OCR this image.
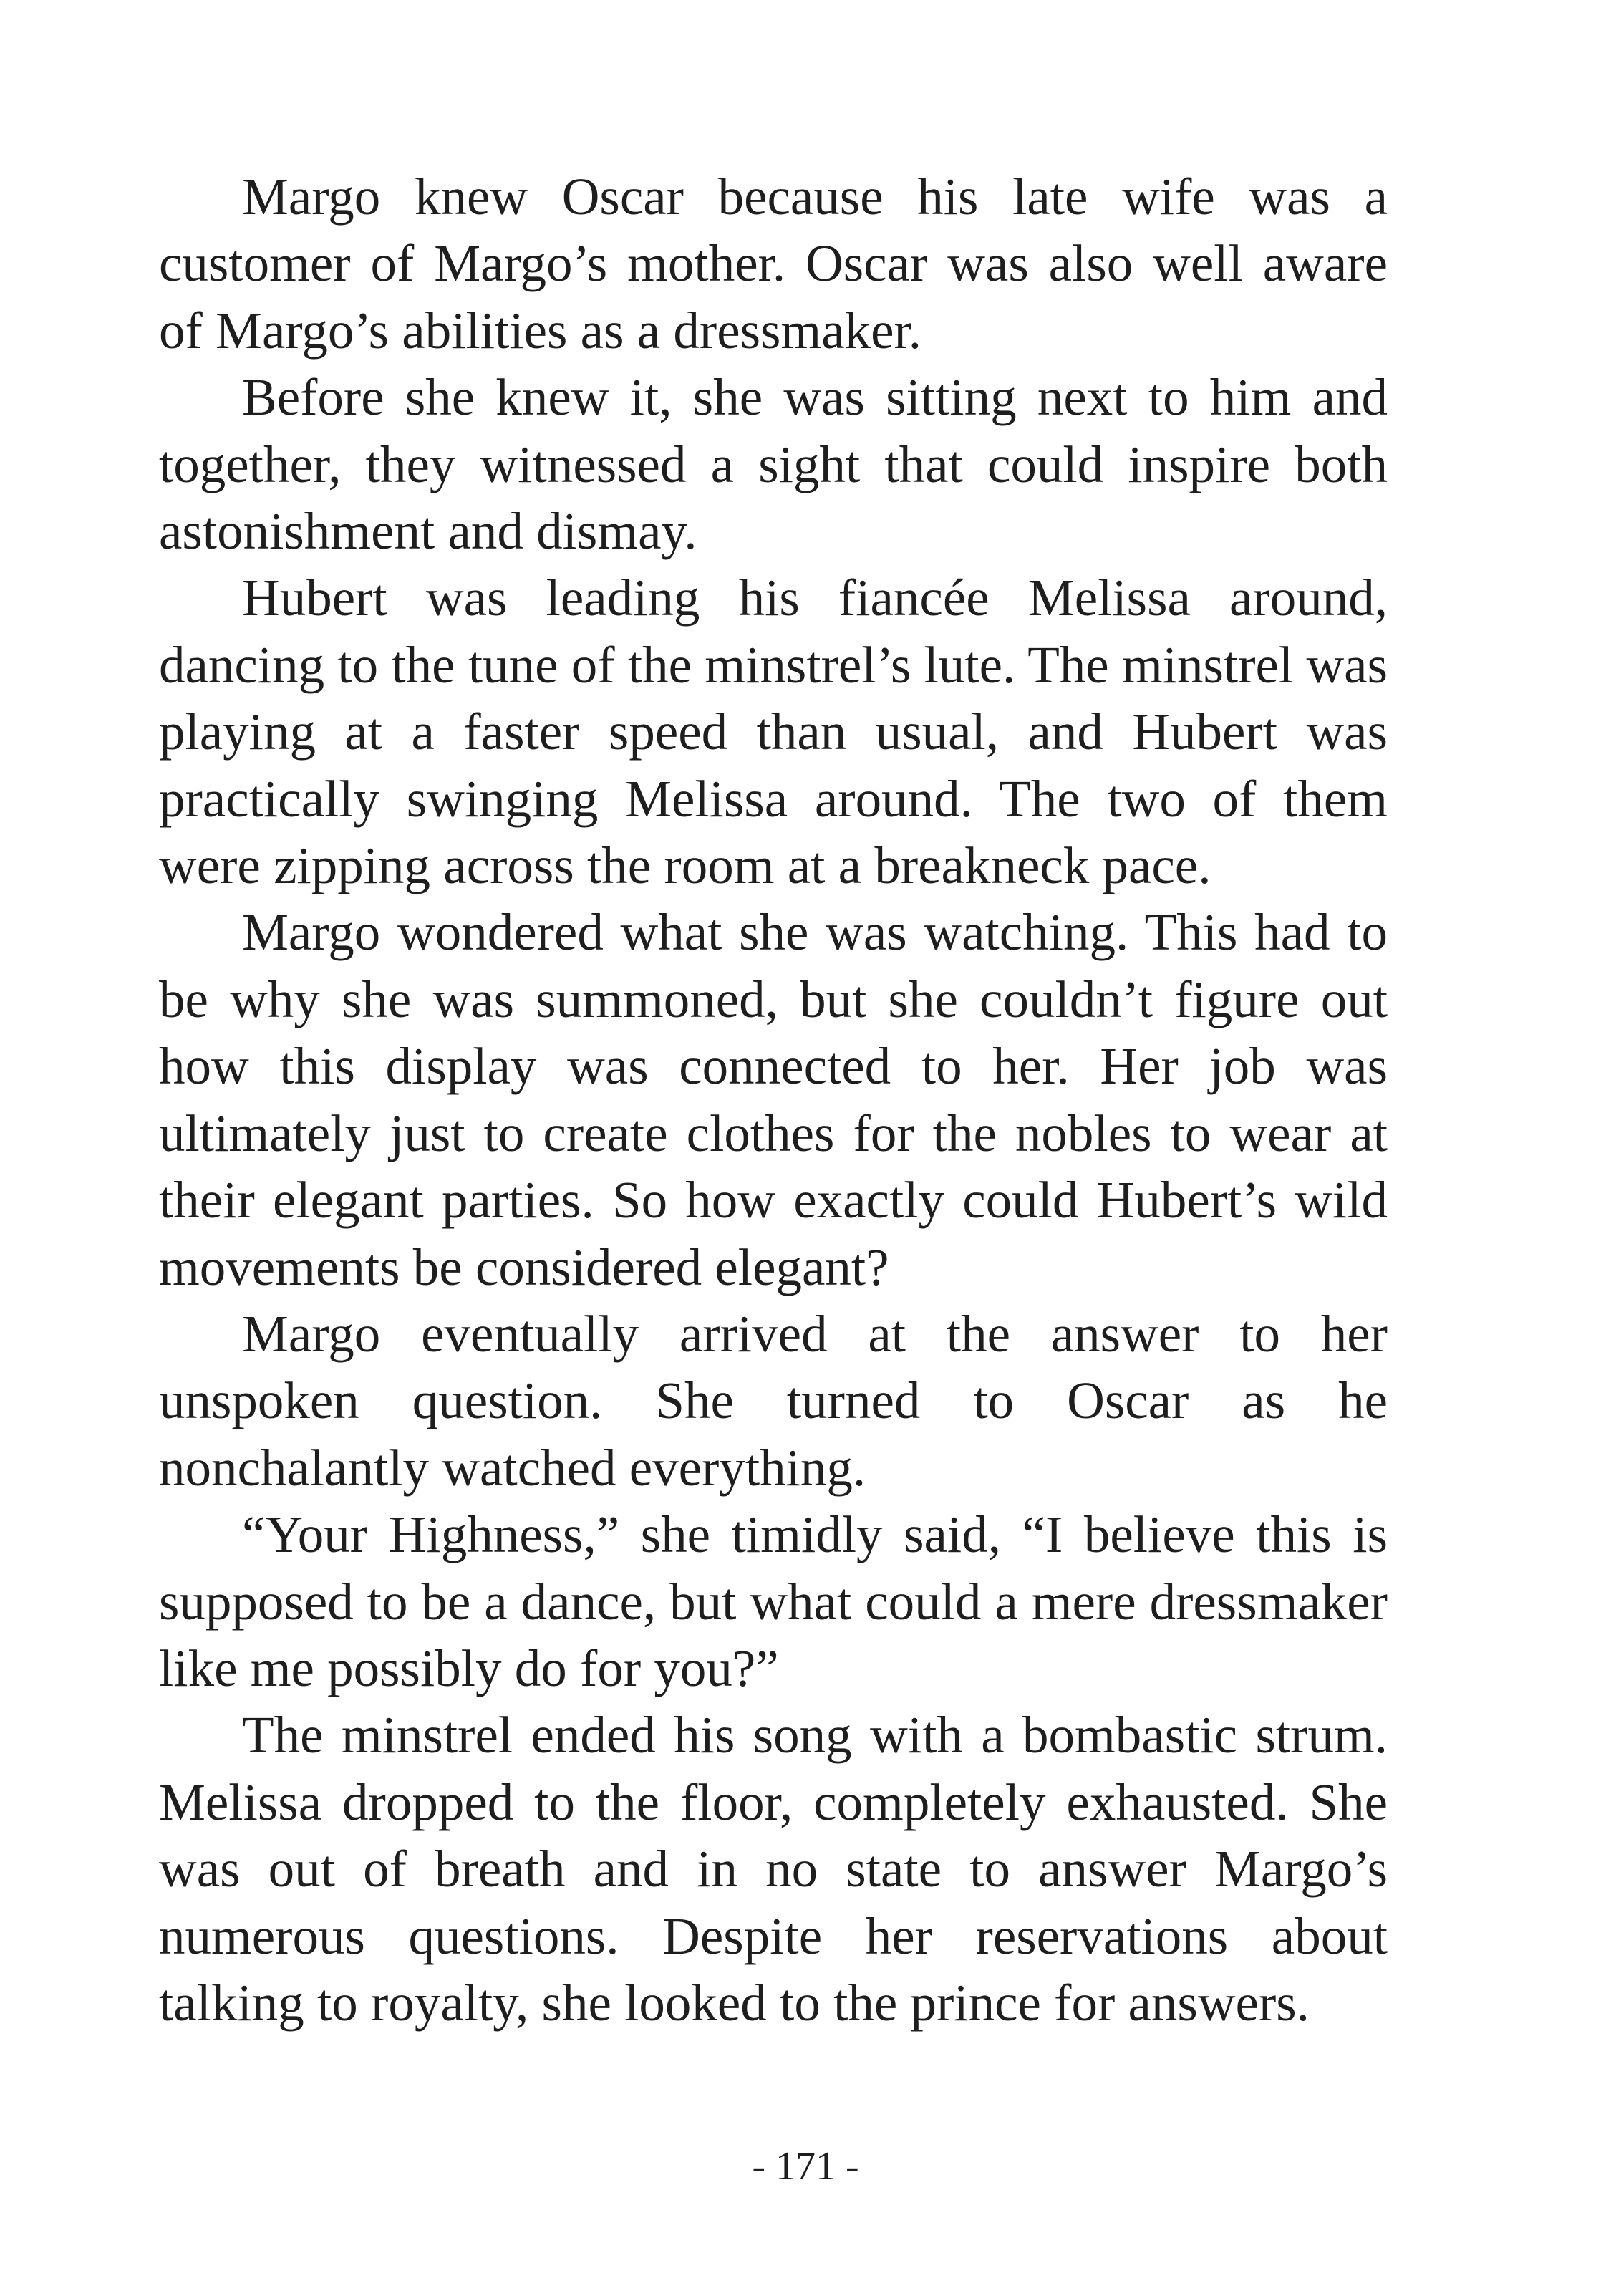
Margo knew Oscar because his late wife was a customer of Margo’s mother. Oscar was also well aware of Margo’s abilities as a dressmaker.

Before she knew it, she was sitting next to him and together, they witnessed a sight that could inspire both astonishment and dismay.

Hubert was leading his fiancée Melissa around, dancing to the tune of the minstrel’s lute. The minstrel was playing at a faster speed than usual, and Hubert was practically swinging Melissa around. The two of them were zipping across the room at a breakneck pace.

Margo wondered what she was watching. This had to be why she was summoned, but she couldn’t figure out how this display was connected to her. Her job was ultimately just to create clothes for the nobles to wear at their elegant parties. So how exactly could Hubert’s wild movements be considered elegant?

Margo eventually arrived at the answer to her unspoken question. She turned to Oscar as he nonchalantly watched everything.

“Your Highness,” she timidly said, “I believe this is supposed to be a dance, but what could a mere dressmaker like me possibly do for you?”

The minstrel ended his song with a bombastic strum. Melissa dropped to the floor, completely exhausted. She was out of breath and in no state to answer Margo’s numerous questions. Despite her reservations about talking to royalty, she looked to the prince for answers.

- 171 -
